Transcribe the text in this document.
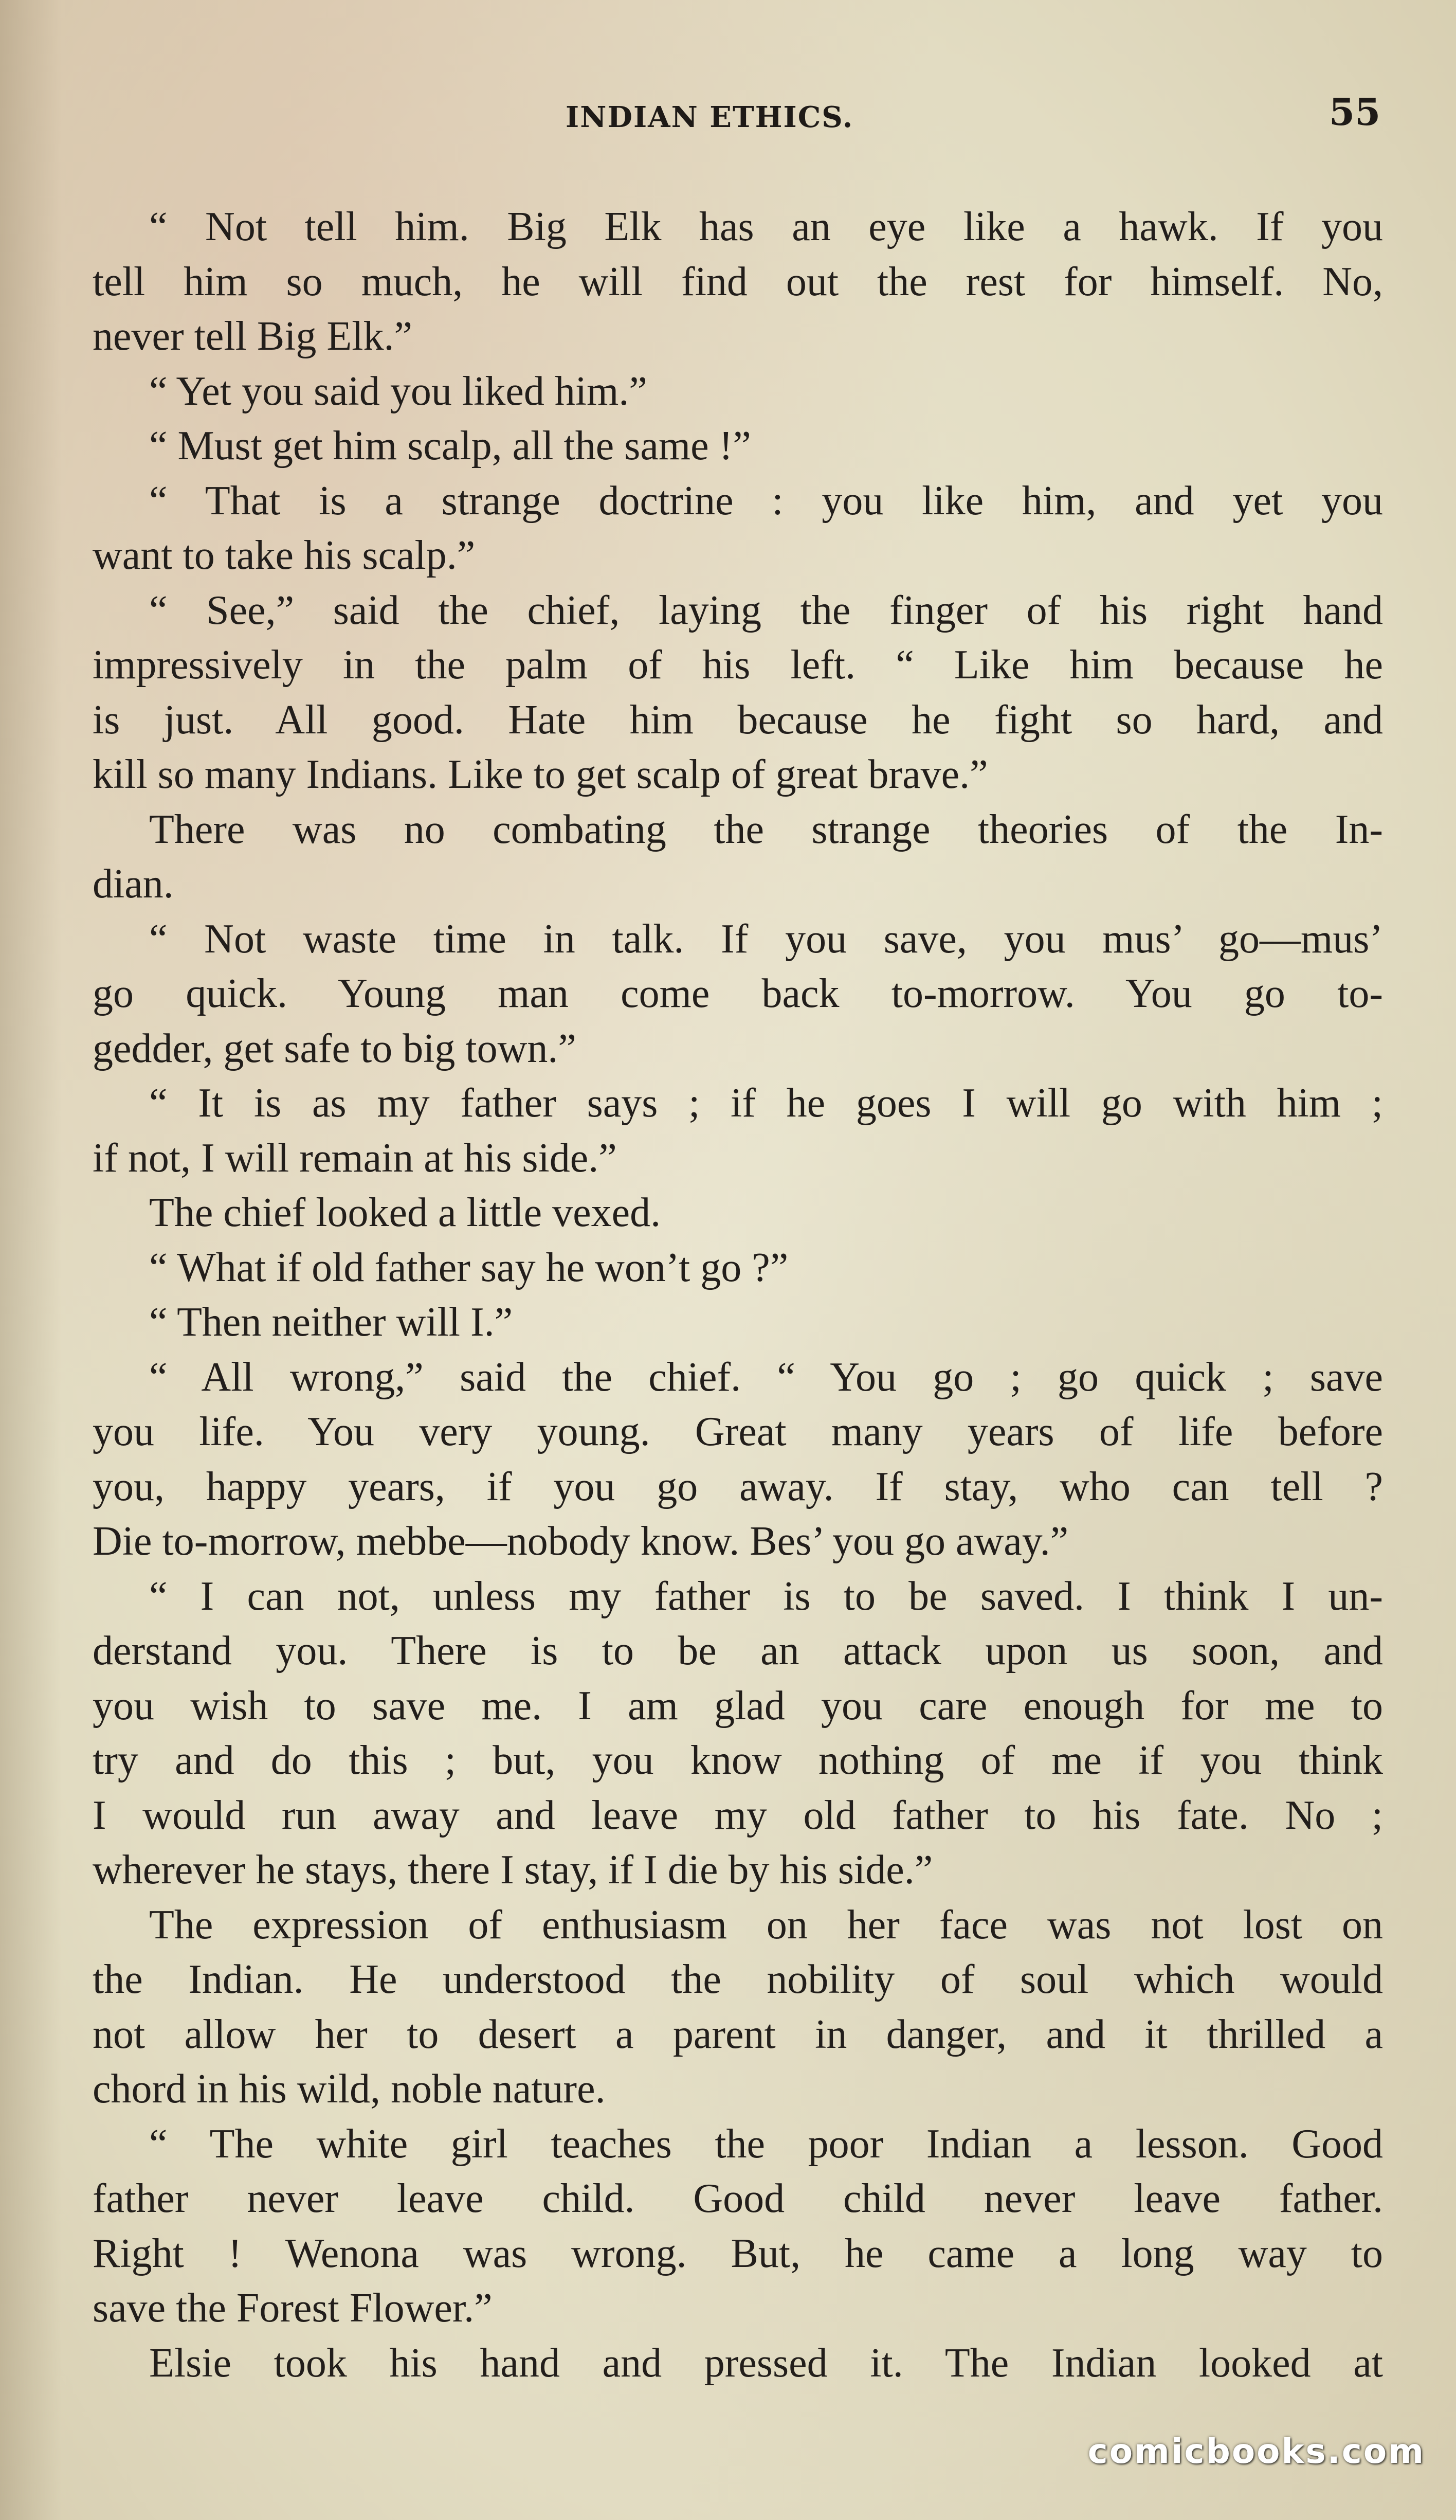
INDIAN ETHICS.	55
“ Not tell him. Big Elk has an eye like a hawk. If you
tell him so much, he will find out the rest for himself. No,
never tell Big Elk.”
“ Yet you said you liked him.”
“ Must get him scalp, all the same !”
“ That is a strange doctrine : you like him, and yet you
want to take his scalp.”
“ See,” said the chief, laying the finger of his right hand
impressively in the palm of his left. “ Like him because he
is just. All good. Hate him because he fight so hard, and
kill so many Indians. Like to get scalp of great brave.”
There was no combating the strange theories of the In-
dian.
“ Not waste time in talk. If you save, you mus’ go—mus’
go quick. Young man come back to-morrow. You go to-
gedder, get safe to big town.”
“ It is as my father says ; if he goes I will go with him ;
if not, I will remain at his side.”
The chief looked a little vexed.
“ What if old father say he won’t go ?”
“ Then neither will I.”
“ All wrong,” said the chief. “ You go ; go quick ; save
you life. You very young. Great many years of life before
you, happy years, if you go away. If stay, who can tell ?
Die to-morrow, mebbe—nobody know. Bes’ you go away.”
“ I can not, unless my father is to be saved. I think I un-
derstand you. There is to be an attack upon us soon, and
you wish to save me. I am glad you care enough for me to
try and do this ; but, you know nothing of me if you think
I would run away and leave my old father to his fate. No ;
wherever he stays, there I stay, if I die by his side.”
The expression of enthusiasm on her face was not lost on
the Indian. He understood the nobility of soul which would
not allow her to desert a parent in danger, and it thrilled a
chord in his wild, noble nature.
“ The white girl teaches the poor Indian a lesson. Good
father never leave child. Good child never leave father.
Right ! Wenona was wrong. But, he came a long way to
save the Forest Flower.”
Elsie took his hand and pressed it. The Indian looked at
comicbooks.com
